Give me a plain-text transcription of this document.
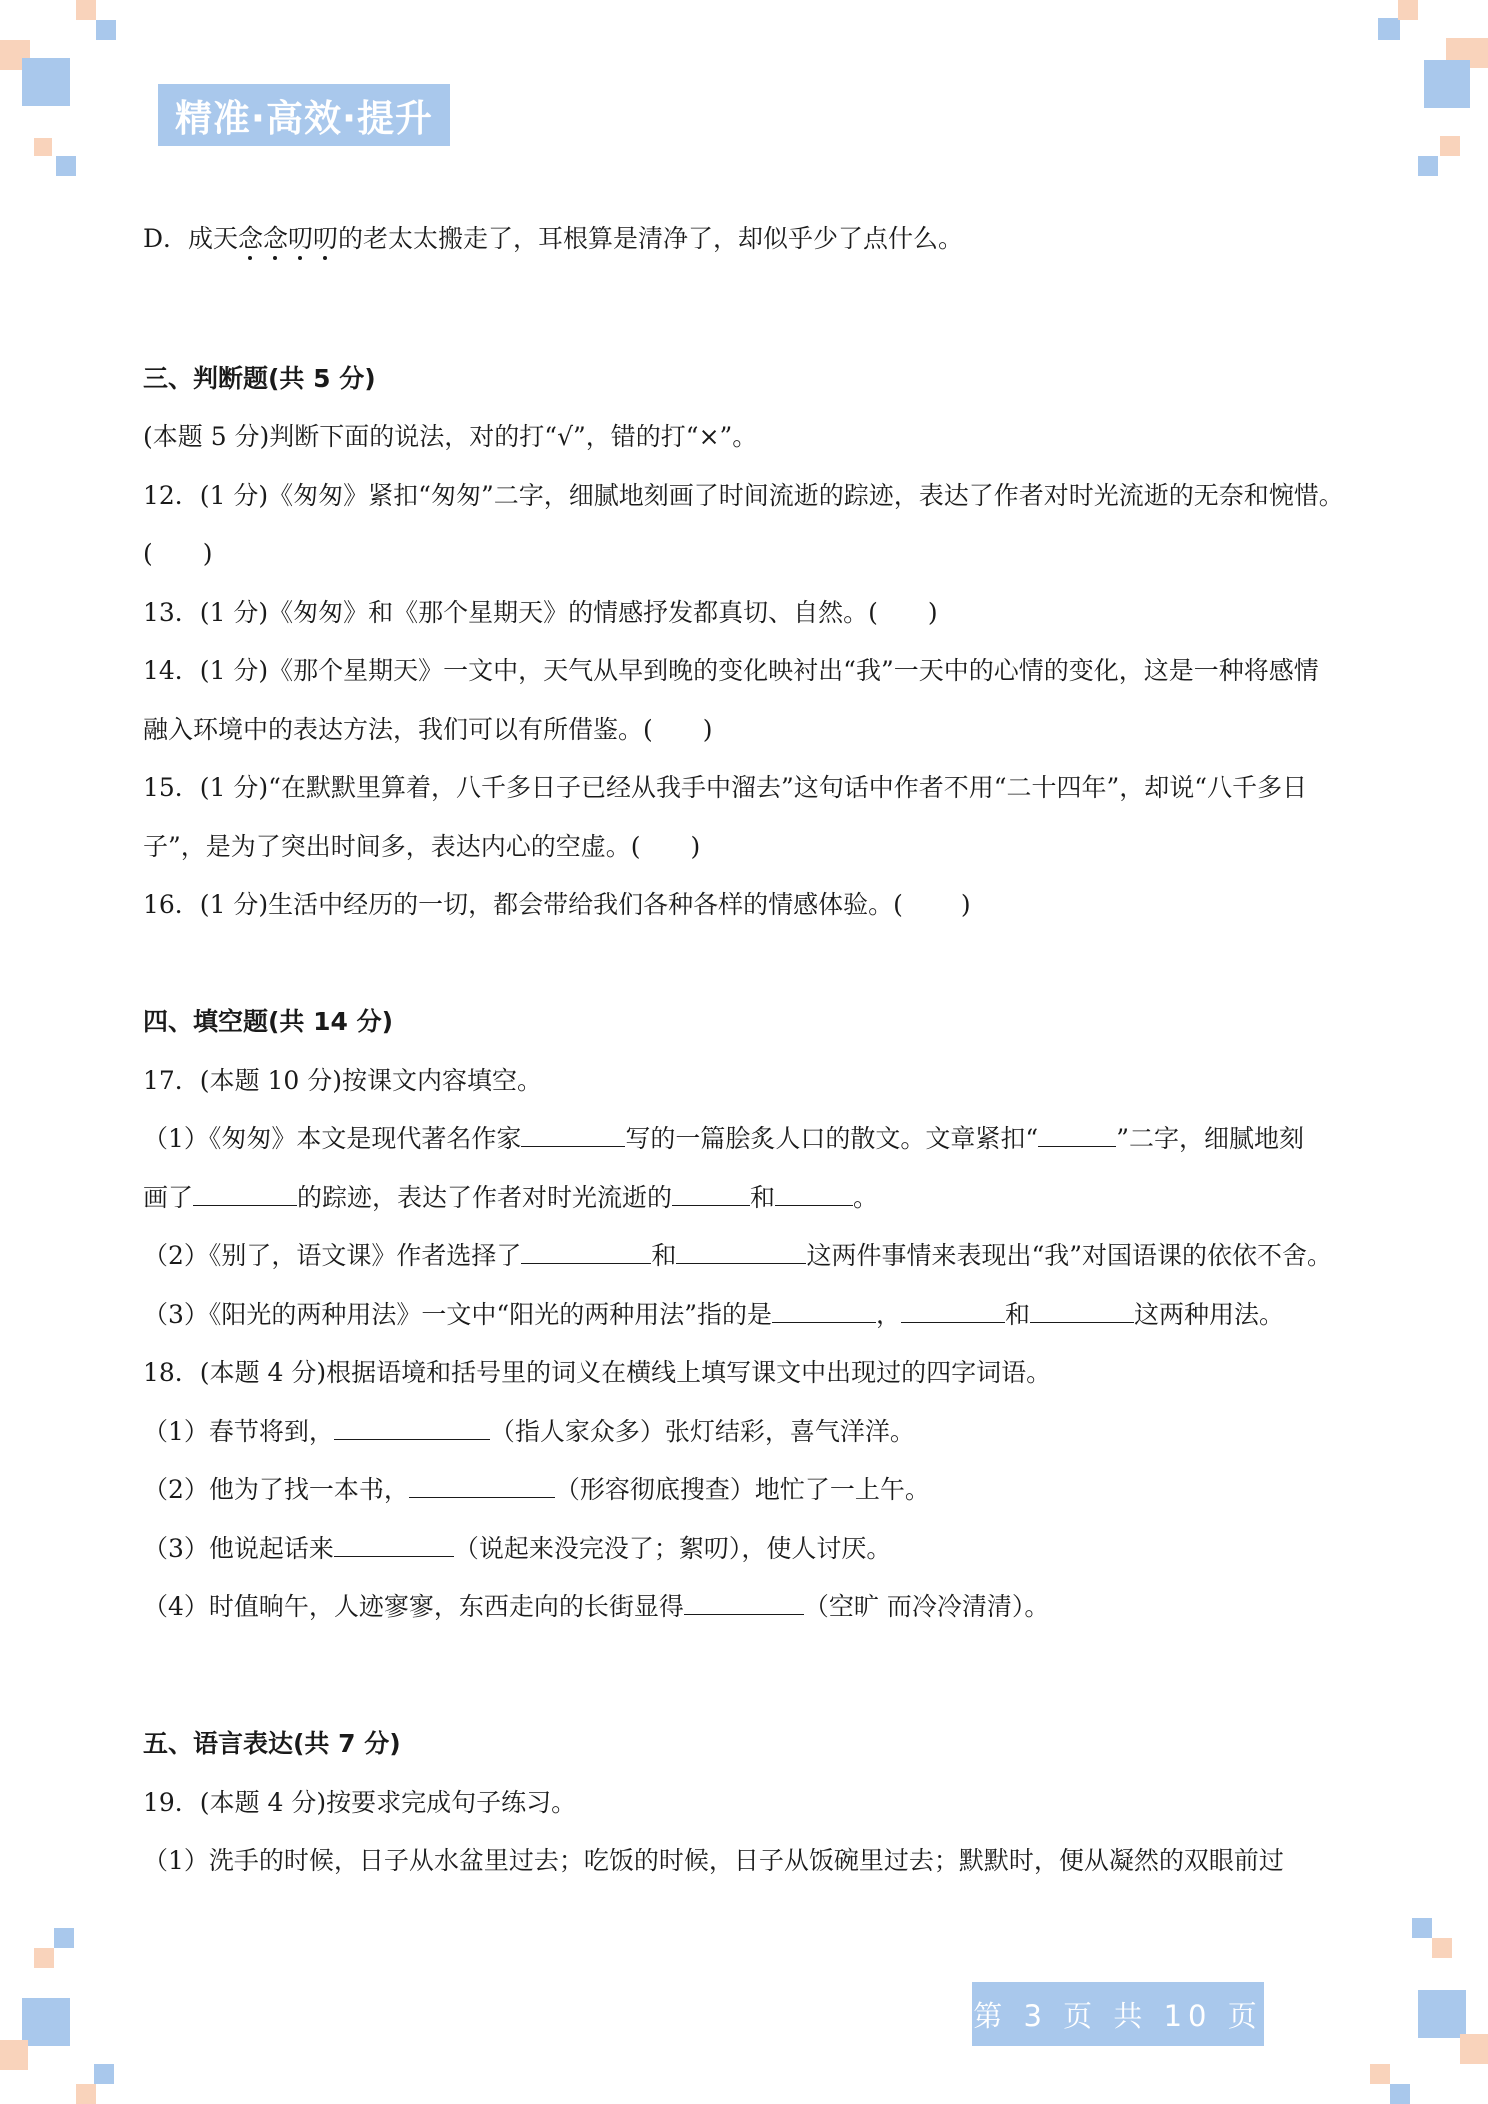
精准·高效·提升
D．成天念念叨叨的老太太搬走了，耳根算是清净了，却似乎少了点什么。
三、判断题(共 5 分)
(本题 5 分)判断下面的说法，对的打“√”，错的打“×”。
12．(1 分)《匆匆》紧扣“匆匆”二字，细腻地刻画了时间流逝的踪迹，表达了作者对时光流逝的无奈和惋惜。
(　　)
13．(1 分)《匆匆》和《那个星期天》的情感抒发都真切、自然。(　　)
14．(1 分)《那个星期天》一文中，天气从早到晚的变化映衬出“我”一天中的心情的变化，这是一种将感情
融入环境中的表达方法，我们可以有所借鉴。(　　)
15．(1 分)“在默默里算着，八千多日子已经从我手中溜去”这句话中作者不用“二十四年”，却说“八千多日
子”，是为了突出时间多，表达内心的空虚。(　　)
16．(1 分)生活中经历的一切，都会带给我们各种各样的情感体验。(　　 )
四、填空题(共 14 分)
17．(本题 10 分)按课文内容填空。
（1）《匆匆》本文是现代著名作家	写的一篇脍炙人口的散文。文章紧扣“	”二字，细腻地刻
画了	的踪迹，表达了作者对时光流逝的	和	。
（2）《别了，语文课》作者选择了	和	这两件事情来表现出“我”对国语课的依依不舍。
（3）《阳光的两种用法》一文中“阳光的两种用法”指的是	，	和	这两种用法。
18．(本题 4 分)根据语境和括号里的词义在横线上填写课文中出现过的四字词语。
（1）春节将到，	（指人家众多）张灯结彩，喜气洋洋。
（2）他为了找一本书，	（形容彻底搜查）地忙了一上午。
（3）他说起话来	（说起来没完没了；絮叨），使人讨厌。
（4）时值晌午，人迹寥寥，东西走向的长街显得	（空旷 而冷冷清清）。
五、语言表达(共 7 分)
19．(本题 4 分)按要求完成句子练习。
（1）洗手的时候，日子从水盆里过去；吃饭的时候，日子从饭碗里过去；默默时，便从凝然的双眼前过
第 3 页 共 10 页
